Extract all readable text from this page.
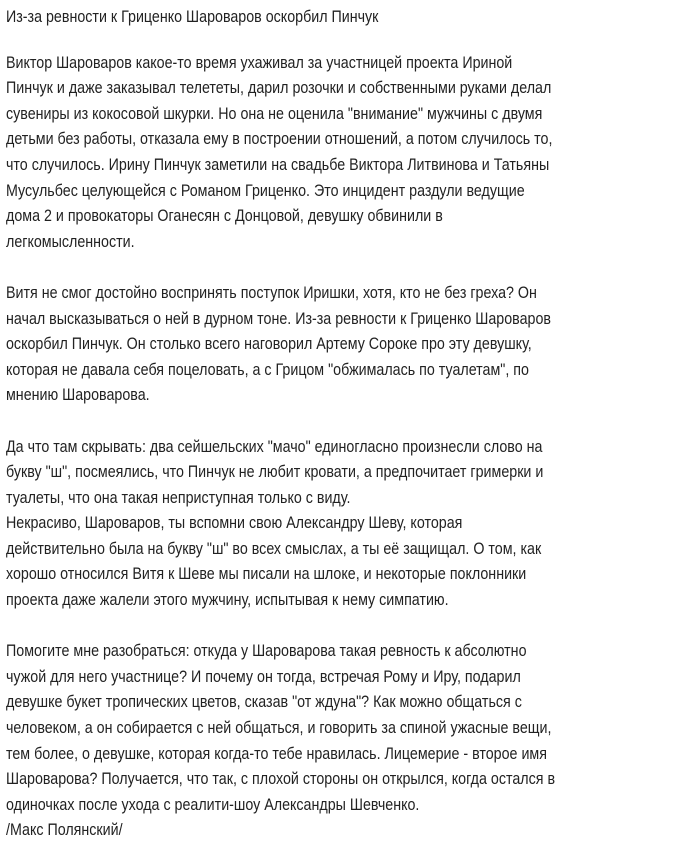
Из-за ревности к Гриценко Шароваров оскорбил Пинчук
Виктор Шароваров какое-то время ухаживал за участницей проекта Ириной
Пинчук и даже заказывал телететы, дарил розочки и собственными руками делал
сувениры из кокосовой шкурки. Но она не оценила "внимание" мужчины с двумя
детьми без работы, отказала ему в построении отношений, а потом случилось то,
что случилось. Ирину Пинчук заметили на свадьбе Виктора Литвинова и Татьяны
Мусульбес целующейся с Романом Гриценко. Это инцидент раздули ведущие
дома 2 и провокаторы Оганесян с Донцовой, девушку обвинили в
легкомысленности.
Витя не смог достойно воспринять поступок Иришки, хотя, кто не без греха? Он
начал высказываться о ней в дурном тоне. Из-за ревности к Гриценко Шароваров
оскорбил Пинчук. Он столько всего наговорил Артему Сороке про эту девушку,
которая не давала себя поцеловать, а с Грицом "обжималась по туалетам", по
мнению Шароварова.
Да что там скрывать: два сейшельских "мачо" единогласно произнесли слово на
букву "ш", посмеялись, что Пинчук не любит кровати, а предпочитает гримерки и
туалеты, что она такая неприступная только с виду.
Некрасиво, Шароваров, ты вспомни свою Александру Шеву, которая
действительно была на букву "ш" во всех смыслах, а ты её защищал. О том, как
хорошо относился Витя к Шеве мы писали на шлоке, и некоторые поклонники
проекта даже жалели этого мужчину, испытывая к нему симпатию.
Помогите мне разобраться: откуда у Шароварова такая ревность к абсолютно
чужой для него участнице? И почему он тогда, встречая Рому и Иру, подарил
девушке букет тропических цветов, сказав "от ждуна"? Как можно общаться с
человеком, а он собирается с ней общаться, и говорить за спиной ужасные вещи,
тем более, о девушке, которая когда-то тебе нравилась. Лицемерие - второе имя
Шароварова? Получается, что так, с плохой стороны он открылся, когда остался в
одиночках после ухода с реалити-шоу Александры Шевченко.
/Макс Полянский/
